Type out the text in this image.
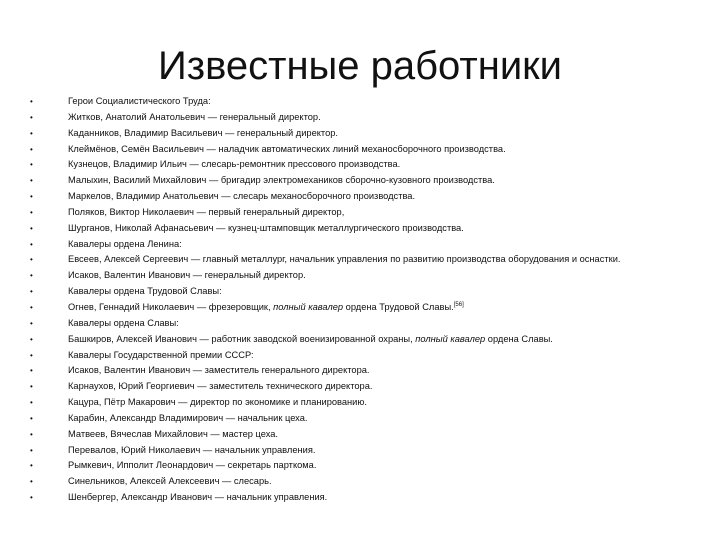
Известные работники
•	Герои Социалистического Труда:
•	Житков, Анатолий Анатольевич — генеральный директор.
•	Каданников, Владимир Васильевич — генеральный директор.
•	Клеймёнов, Семён Васильевич — наладчик автоматических линий механосборочного производства.
•	Кузнецов, Владимир Ильич — слесарь-ремонтник прессового производства.
•	Малыхин, Василий Михайлович — бригадир электромехаников сборочно-кузовного производства.
•	Маркелов, Владимир Анатольевич — слесарь механосборочного производства.
•	Поляков, Виктор Николаевич — первый генеральный директор,
•	Шурганов, Николай Афанасьевич — кузнец-штамповщик металлургического производства.
•	Кавалеры ордена Ленина:
•	Евсеев, Алексей Сергеевич — главный металлург, начальник управления по развитию производства оборудования и оснастки.
•	Исаков, Валентин Иванович — генеральный директор.
•	Кавалеры ордена Трудовой Славы:
•	Огнев, Геннадий Николаевич — фрезеровщик, полный кавалер ордена Трудовой Славы.[56]
•	Кавалеры ордена Славы:
•	Башкиров, Алексей Иванович — работник заводской военизированной охраны, полный кавалер ордена Славы.
•	Кавалеры Государственной премии СССР:
•	Исаков, Валентин Иванович — заместитель генерального директора.
•	Карнаухов, Юрий Георгиевич — заместитель технического директора.
•	Кацура, Пётр Макарович — директор по экономике и планированию.
•	Карабин, Александр Владимирович — начальник цеха.
•	Матвеев, Вячеслав Михайлович — мастер цеха.
•	Перевалов, Юрий Николаевич — начальник управления.
•	Рымкевич, Ипполит Леонардович — секретарь парткома.
•	Синельников, Алексей Алексеевич — слесарь.
•	Шенбергер, Александр Иванович — начальник управления.
